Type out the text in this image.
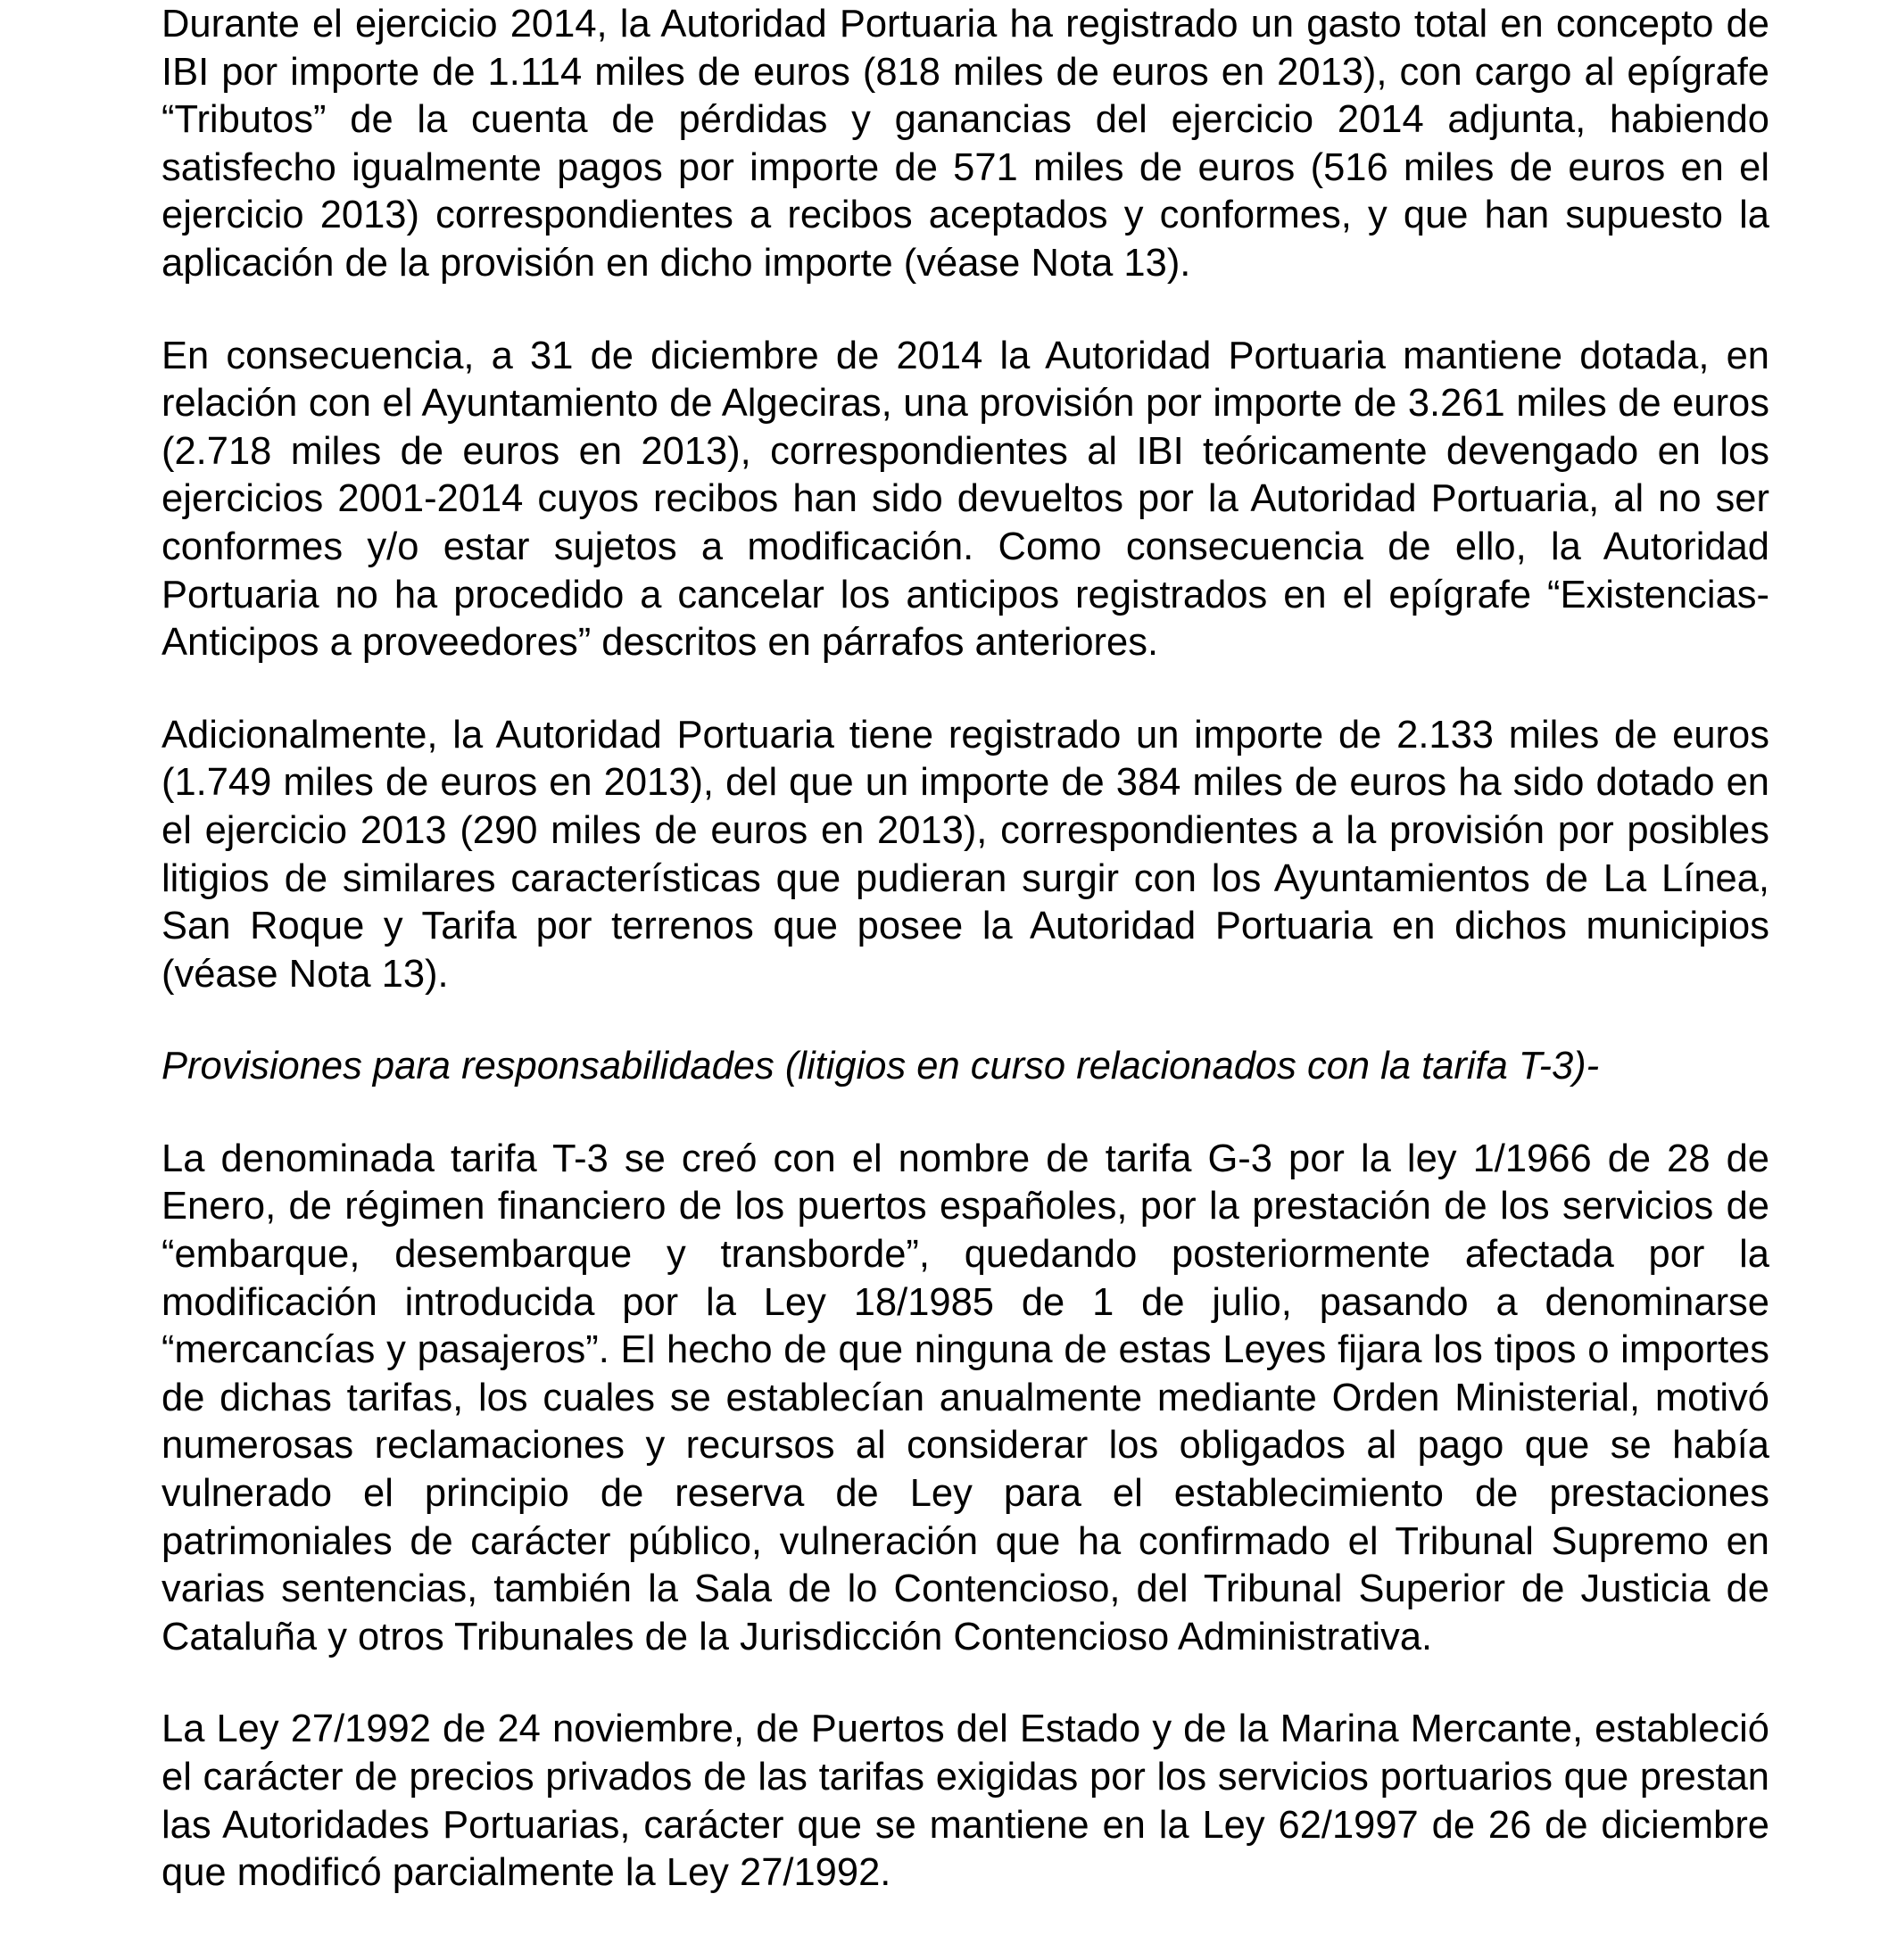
Durante el ejercicio 2014, la Autoridad Portuaria ha registrado un gasto total en concepto de IBI por importe de 1.114 miles de euros (818 miles de euros en 2013), con cargo al epígrafe “Tributos” de la cuenta de pérdidas y ganancias del ejercicio 2014 adjunta, habiendo satisfecho igualmente pagos por importe de 571 miles de euros (516 miles de euros en el ejercicio 2013) correspondientes a recibos aceptados y conformes, y que han supuesto la aplicación de la provisión en dicho importe (véase Nota 13).

En consecuencia, a 31 de diciembre de 2014 la Autoridad Portuaria mantiene dotada, en relación con el Ayuntamiento de Algeciras, una provisión por importe de 3.261 miles de euros (2.718 miles de euros en 2013), correspondientes al IBI teóricamente devengado en los ejercicios 2001-2014 cuyos recibos han sido devueltos por la Autoridad Portuaria, al no ser conformes y/o estar sujetos a modificación. Como consecuencia de ello, la Autoridad Portuaria no ha procedido a cancelar los anticipos registrados en el epígrafe “Existencias-Anticipos a proveedores” descritos en párrafos anteriores.

Adicionalmente, la Autoridad Portuaria tiene registrado un importe de 2.133 miles de euros (1.749 miles de euros en 2013), del que un importe de 384 miles de euros ha sido dotado en el ejercicio 2013 (290 miles de euros en 2013), correspondientes a la provisión por posibles litigios de similares características que pudieran surgir con los Ayuntamientos de La Línea, San Roque y Tarifa por terrenos que posee la Autoridad Portuaria en dichos municipios (véase Nota 13).

Provisiones para responsabilidades (litigios en curso relacionados con la tarifa T-3)-

La denominada tarifa T-3 se creó con el nombre de tarifa G-3 por la ley 1/1966 de 28 de Enero, de régimen financiero de los puertos españoles, por la prestación de los servicios de “embarque, desembarque y transborde”, quedando posteriormente afectada por la modificación introducida por la Ley 18/1985 de 1 de julio, pasando a denominarse “mercancías y pasajeros”. El hecho de que ninguna de estas Leyes fijara los tipos o importes de dichas tarifas, los cuales se establecían anualmente mediante Orden Ministerial, motivó numerosas reclamaciones y recursos al considerar los obligados al pago que se había vulnerado el principio de reserva de Ley para el establecimiento de prestaciones patrimoniales de carácter público, vulneración que ha confirmado el Tribunal Supremo en varias sentencias, también la Sala de lo Contencioso, del Tribunal Superior de Justicia de Cataluña y otros Tribunales de la Jurisdicción Contencioso Administrativa.

La Ley 27/1992 de 24 noviembre, de Puertos del Estado y de la Marina Mercante, estableció el carácter de precios privados de las tarifas exigidas por los servicios portuarios que prestan las Autoridades Portuarias, carácter que se mantiene en la Ley 62/1997 de 26 de diciembre que modificó parcialmente la Ley 27/1992.
